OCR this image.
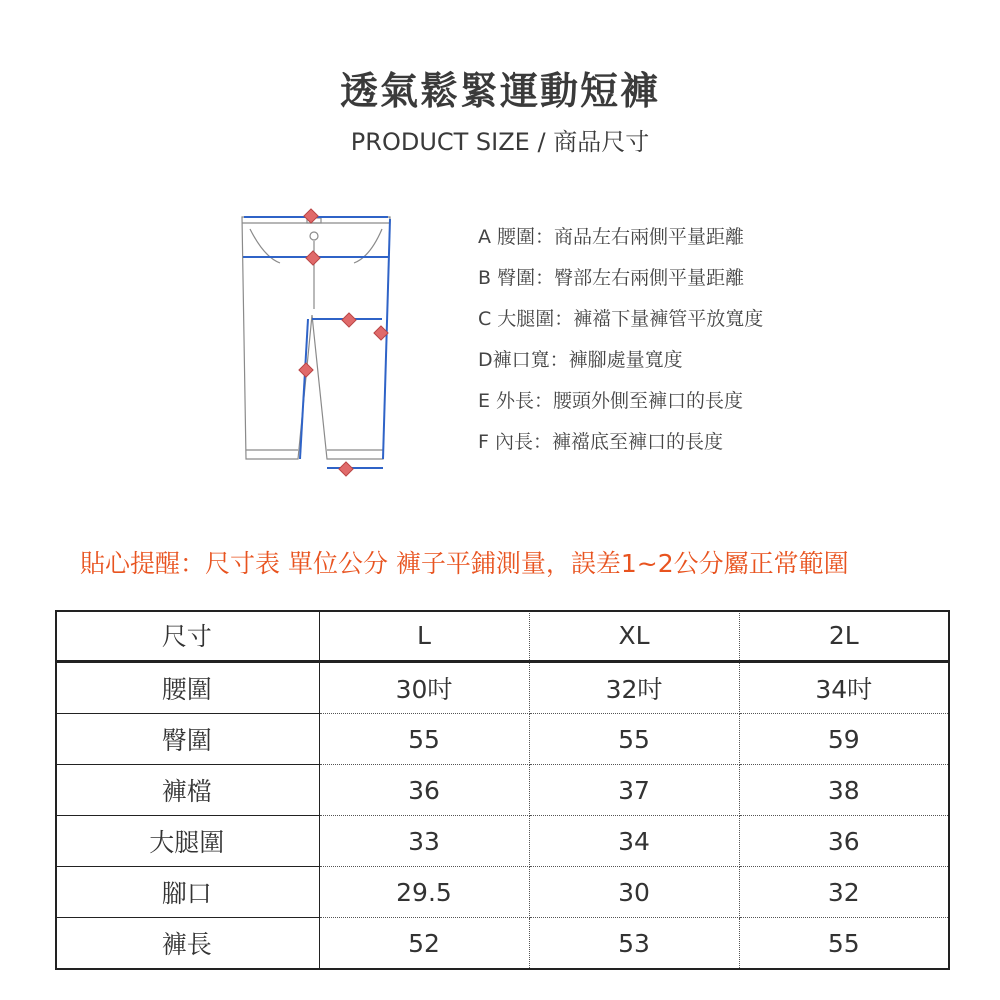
透氣鬆緊運動短褲
PRODUCT SIZE / 商品尺寸
A 腰圍：商品左右兩側平量距離
B 臀圍：臀部左右兩側平量距離
C 大腿圍：褲襠下量褲管平放寬度
D褲口寬：褲腳處量寬度
E 外長：腰頭外側至褲口的長度
F 內長：褲襠底至褲口的長度
貼心提醒：尺寸表 單位公分 褲子平鋪測量，誤差1~2公分屬正常範圍
尺寸	L	XL	2L
腰圍	30吋	32吋	34吋
臀圍	55	55	59
褲檔	36	37	38
大腿圍	33	34	36
腳口	29.5	30	32
褲長	52	53	55
